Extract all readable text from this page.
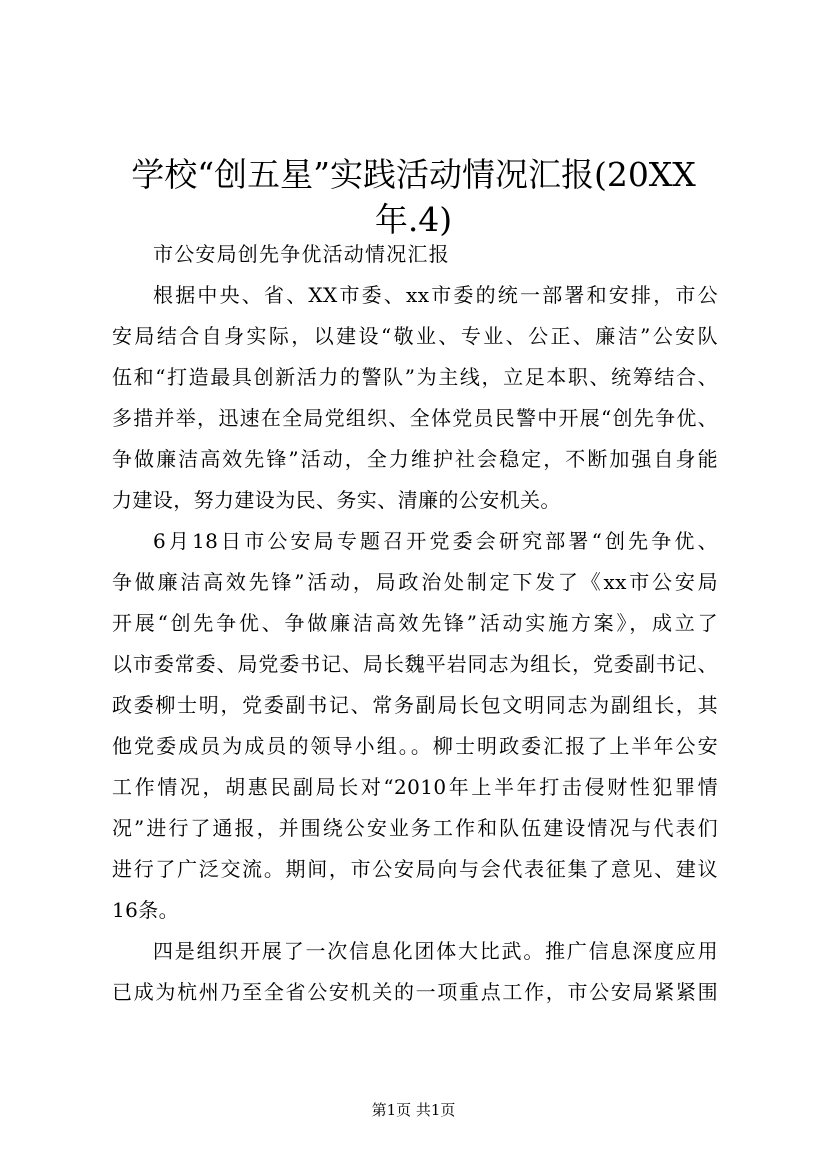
学校“创五星”实践活动情况汇报(20XX
年.4)

市公安局创先争优活动情况汇报

根据中央、省、XX市委、xx市委的统一部署和安排，市公
安局结合自身实际，以建设“敬业、专业、公正、廉洁”公安队
伍和“打造最具创新活力的警队”为主线，立足本职、统筹结合、
多措并举，迅速在全局党组织、全体党员民警中开展“创先争优、
争做廉洁高效先锋”活动，全力维护社会稳定，不断加强自身能
力建设，努力建设为民、务实、清廉的公安机关。

6月18日市公安局专题召开党委会研究部署“创先争优、
争做廉洁高效先锋”活动，局政治处制定下发了《xx市公安局
开展“创先争优、争做廉洁高效先锋”活动实施方案》，成立了
以市委常委、局党委书记、局长魏平岩同志为组长，党委副书记、
政委柳士明，党委副书记、常务副局长包文明同志为副组长，其
他党委成员为成员的领导小组。。柳士明政委汇报了上半年公安
工作情况，胡惠民副局长对“2010年上半年打击侵财性犯罪情
况”进行了通报，并围绕公安业务工作和队伍建设情况与代表们
进行了广泛交流。期间，市公安局向与会代表征集了意见、建议
16条。

四是组织开展了一次信息化团体大比武。推广信息深度应用
已成为杭州乃至全省公安机关的一项重点工作，市公安局紧紧围

第1页 共1页
